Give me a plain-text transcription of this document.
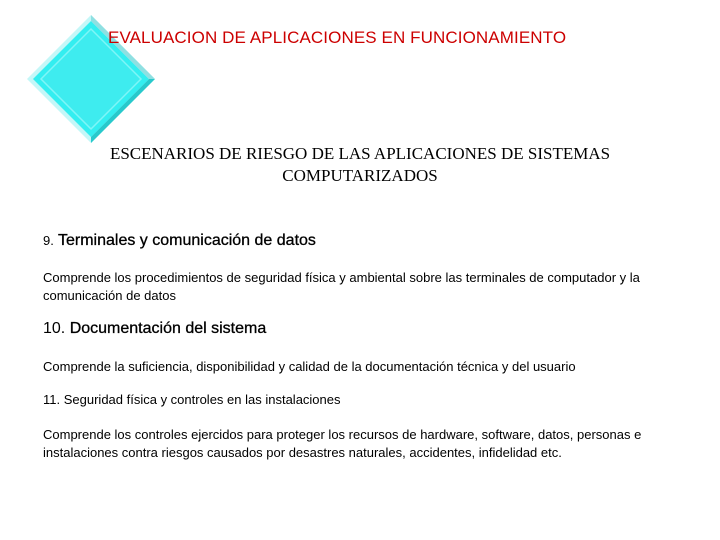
EVALUACION DE APLICACIONES EN FUNCIONAMIENTO
ESCENARIOS DE RIESGO DE LAS APLICACIONES DE SISTEMAS
COMPUTARIZADOS
9. Terminales y comunicación de datos
Comprende los procedimientos de seguridad física y ambiental sobre las terminales de computador y la
comunicación de datos
10. Documentación del sistema
Comprende la suficiencia, disponibilidad y calidad de la documentación técnica y del usuario
11. Seguridad física y controles en las instalaciones
Comprende los controles ejercidos para proteger los recursos de hardware, software, datos, personas e
instalaciones contra riesgos causados por desastres naturales, accidentes, infidelidad etc.
